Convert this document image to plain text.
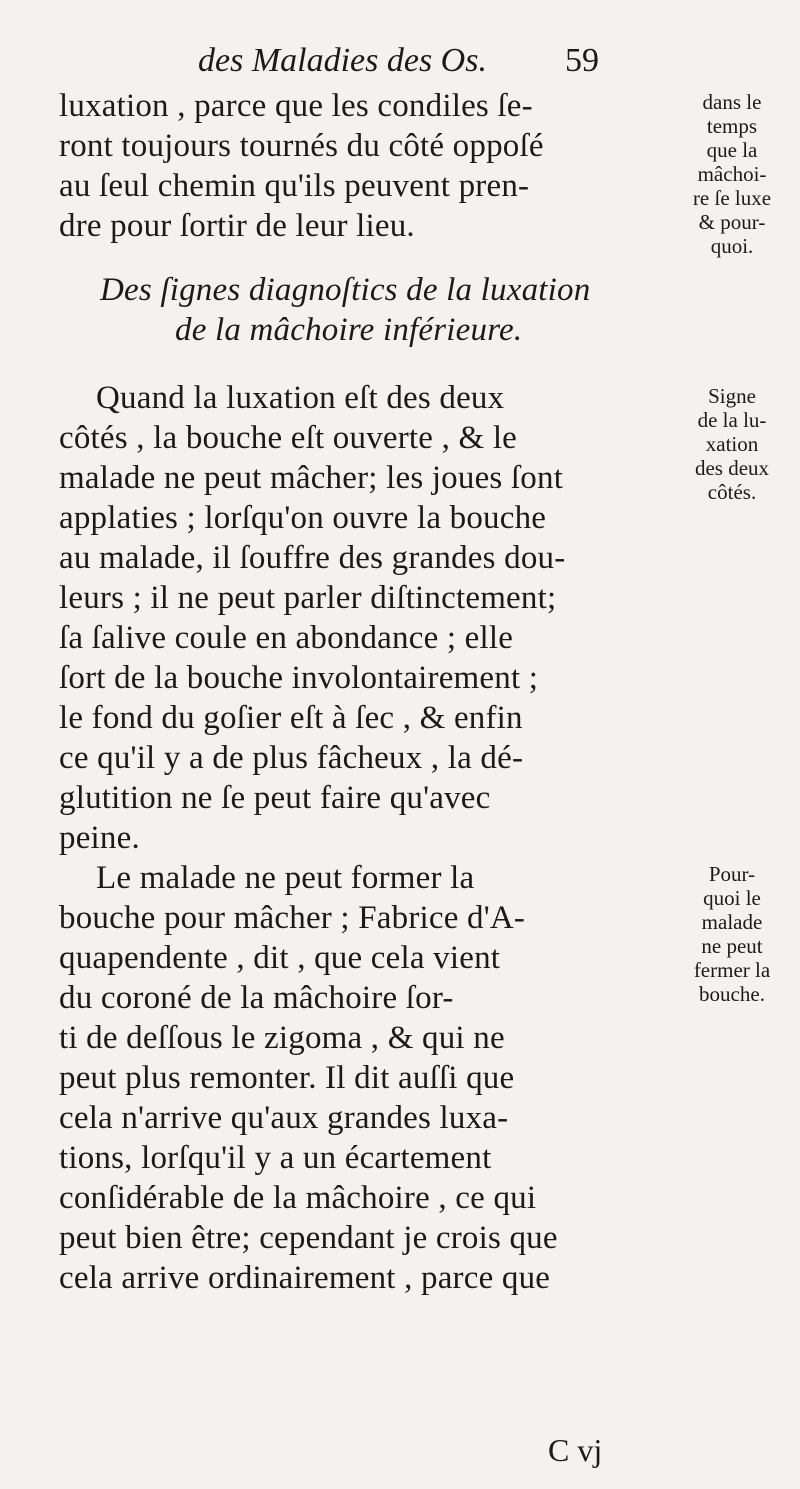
des Maladies des Os. 59
luxation , parce que les condiles ſe-
ront toujours tournés du côté oppoſé
au ſeul chemin qu'ils peuvent pren-
dre pour ſortir de leur lieu.
Des ſignes diagnoſtics de la luxation
de la mâchoire inférieure.
Quand la luxation eſt des deux
côtés , la bouche eſt ouverte , & le
malade ne peut mâcher; les joues ſont
applaties ; lorſqu'on ouvre la bouche
au malade, il ſouffre des grandes dou-
leurs ; il ne peut parler diſtinctement;
ſa ſalive coule en abondance ; elle
ſort de la bouche involontairement ;
le fond du goſier eſt à ſec , & enfin
ce qu'il y a de plus fâcheux , la dé-
glutition ne ſe peut faire qu'avec
peine.
Le malade ne peut former la
bouche pour mâcher ; Fabrice d'A-
quapendente , dit , que cela vient
du coroné de la mâchoire ſor-
ti de deſſous le zigoma , & qui ne
peut plus remonter. Il dit auſſi que
cela n'arrive qu'aux grandes luxa-
tions, lorſqu'il y a un écartement
conſidérable de la mâchoire , ce qui
peut bien être; cependant je crois que
cela arrive ordinairement , parce que
dans le
temps
que la
mâchoi-
re ſe luxe
& pour-
quoi.
Signe
de la lu-
xation
des deux
côtés.
Pour-
quoi le
malade
ne peut
fermer la
bouche.
C vj
